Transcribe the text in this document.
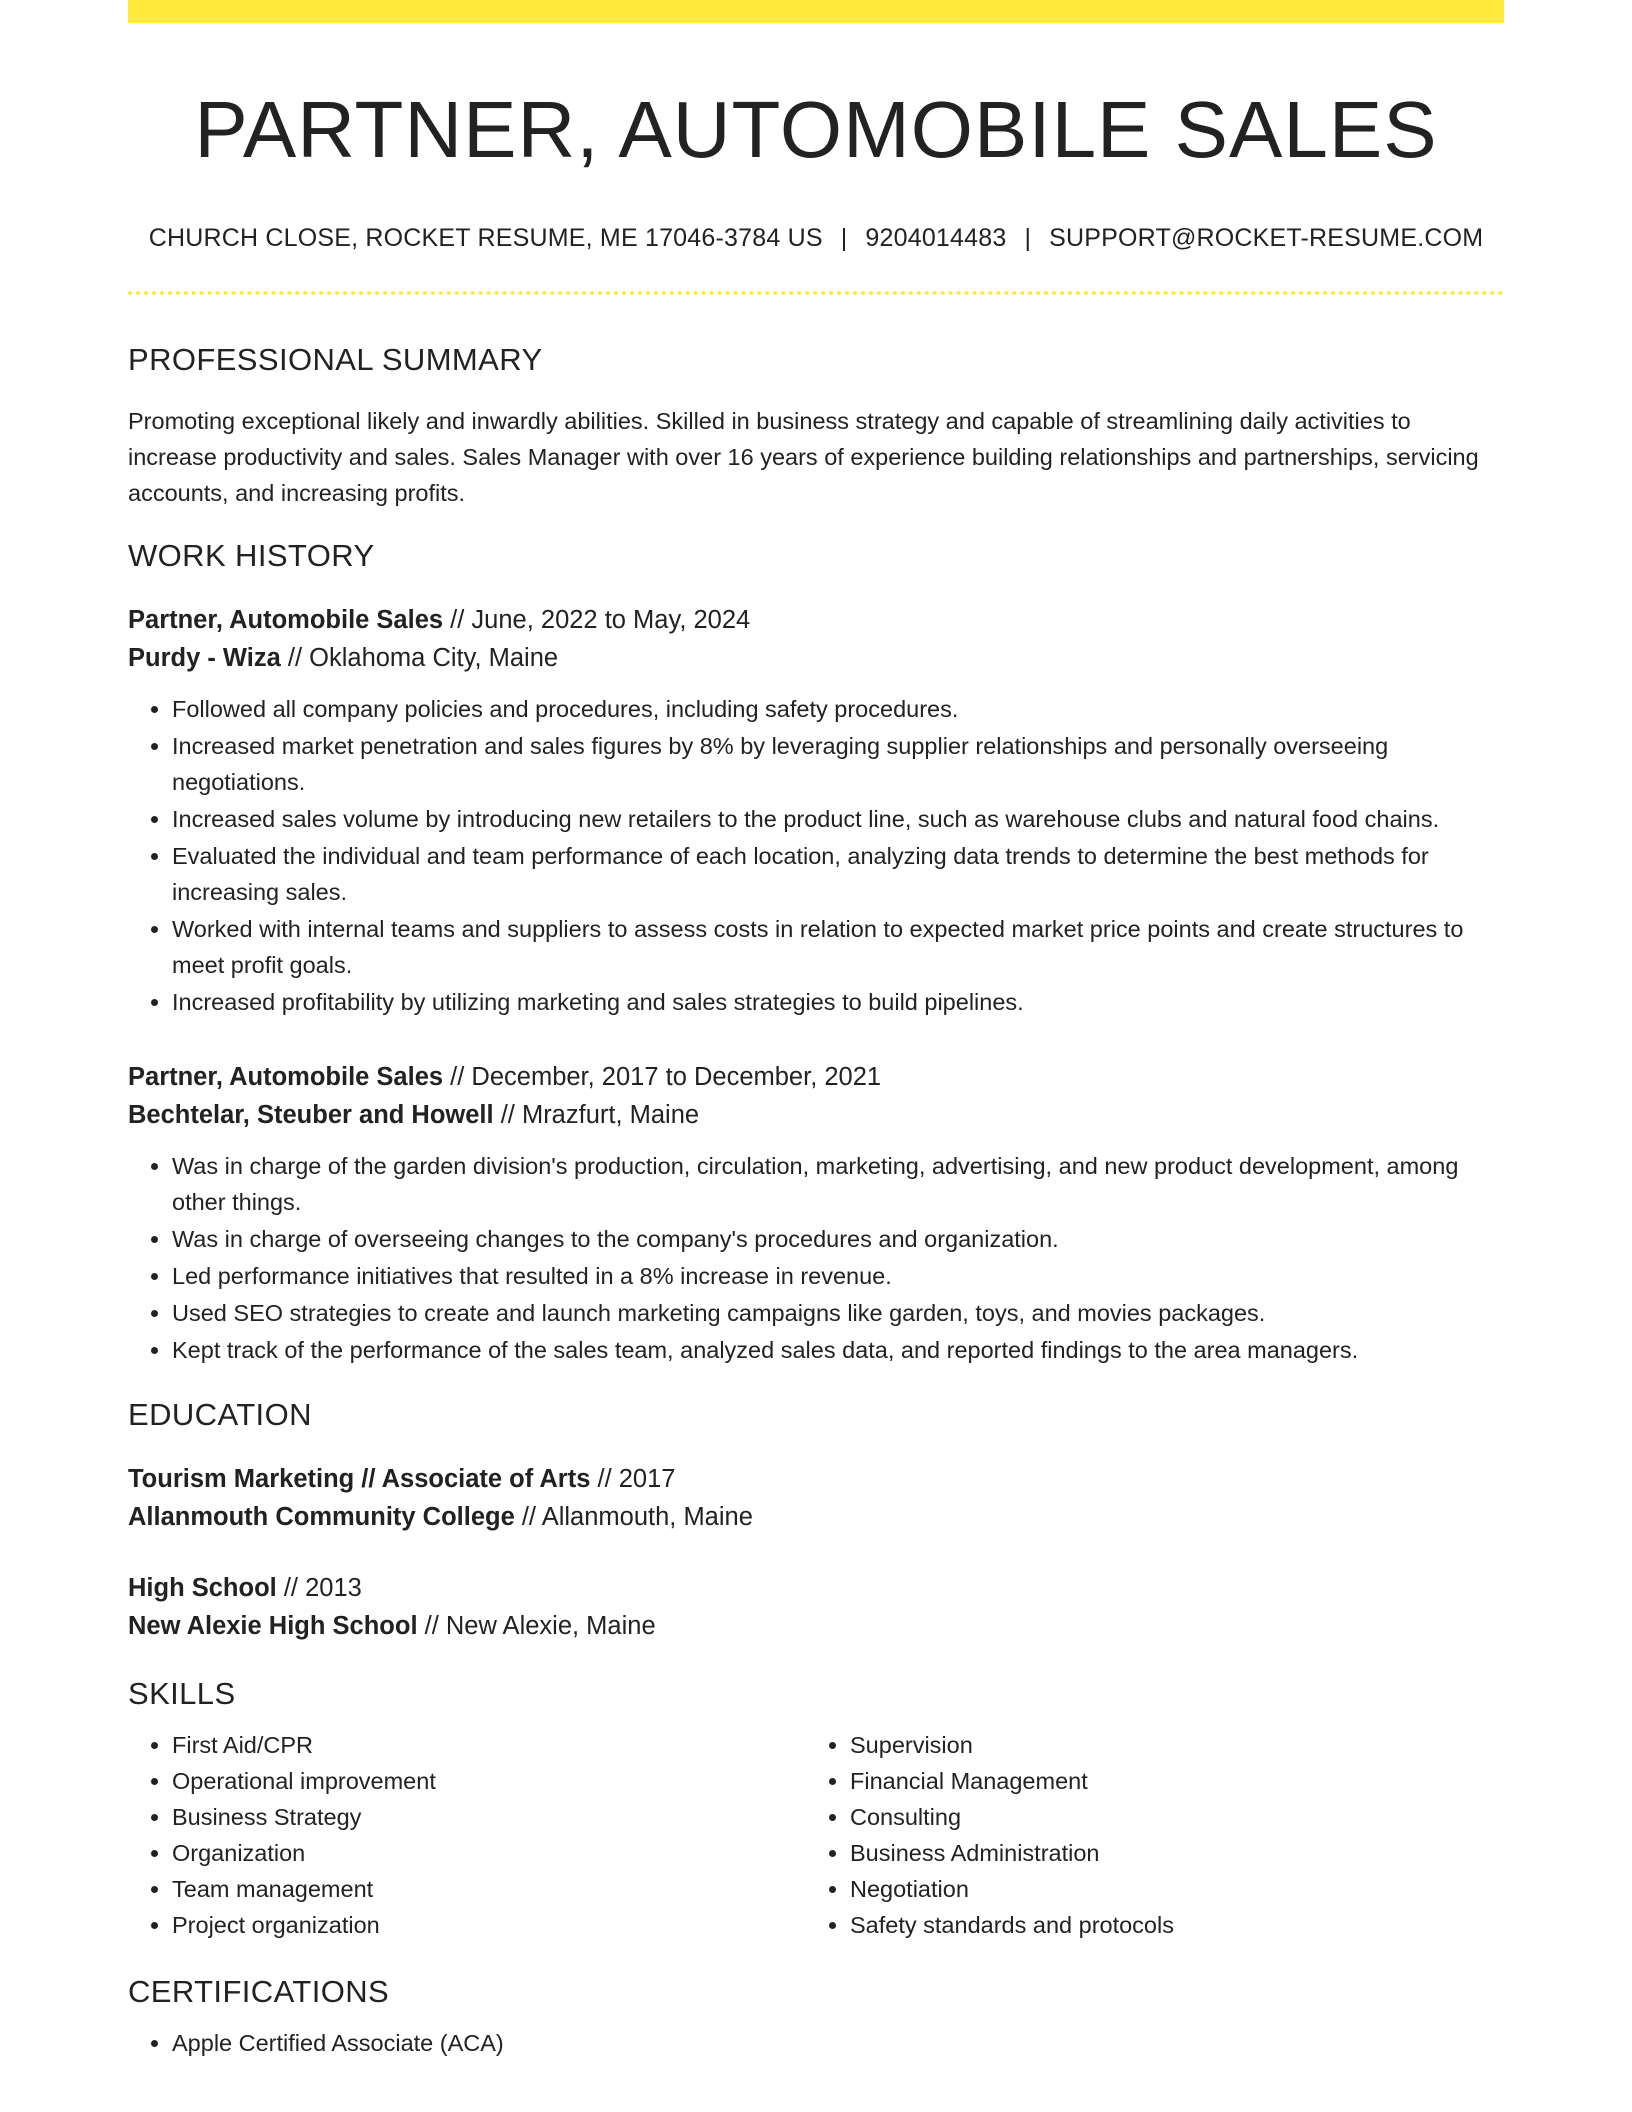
PARTNER, AUTOMOBILE SALES
CHURCH CLOSE, ROCKET RESUME, ME 17046-3784 US | 9204014483 | SUPPORT@ROCKET-RESUME.COM
PROFESSIONAL SUMMARY

Promoting exceptional likely and inwardly abilities. Skilled in business strategy and capable of streamlining daily activities to increase productivity and sales. Sales Manager with over 16 years of experience building relationships and partnerships, servicing accounts, and increasing profits.

WORK HISTORY
Partner, Automobile Sales // June, 2022 to May, 2024
Purdy - Wiza // Oklahoma City, Maine
• Followed all company policies and procedures, including safety procedures.
• Increased market penetration and sales figures by 8% by leveraging supplier relationships and personally overseeing negotiations.
• Increased sales volume by introducing new retailers to the product line, such as warehouse clubs and natural food chains.
• Evaluated the individual and team performance of each location, analyzing data trends to determine the best methods for increasing sales.
• Worked with internal teams and suppliers to assess costs in relation to expected market price points and create structures to meet profit goals.
• Increased profitability by utilizing marketing and sales strategies to build pipelines.
Partner, Automobile Sales // December, 2017 to December, 2021
Bechtelar, Steuber and Howell // Mrazfurt, Maine
• Was in charge of the garden division's production, circulation, marketing, advertising, and new product development, among other things.
• Was in charge of overseeing changes to the company's procedures and organization.
• Led performance initiatives that resulted in a 8% increase in revenue.
• Used SEO strategies to create and launch marketing campaigns like garden, toys, and movies packages.
• Kept track of the performance of the sales team, analyzed sales data, and reported findings to the area managers.
EDUCATION
Tourism Marketing // Associate of Arts // 2017
Allanmouth Community College // Allanmouth, Maine
High School // 2013
New Alexie High School // New Alexie, Maine
SKILLS
• First Aid/CPR
• Operational improvement
• Business Strategy
• Organization
• Team management
• Project organization
• Supervision
• Financial Management
• Consulting
• Business Administration
• Negotiation
• Safety standards and protocols
CERTIFICATIONS
• Apple Certified Associate (ACA)
